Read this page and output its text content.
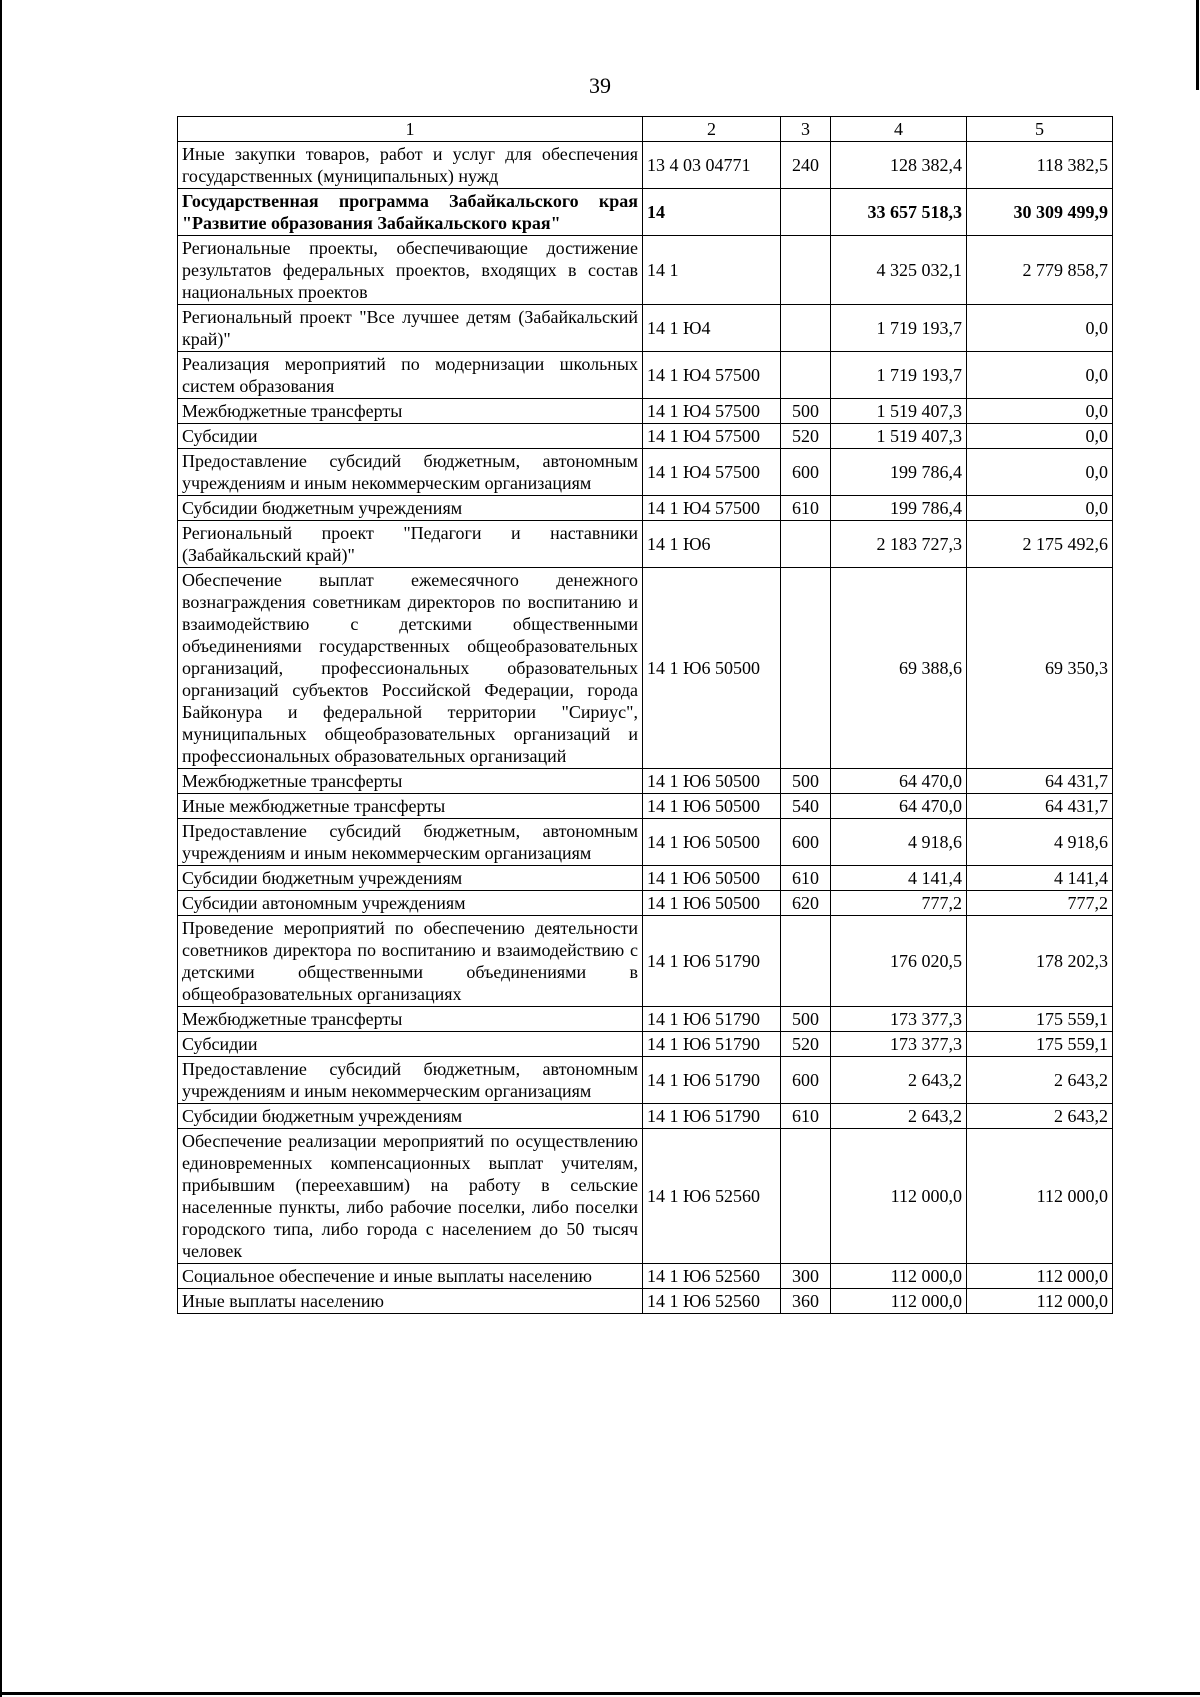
39
1	2	3	4	5
Иные закупки товаров, работ и услуг для обеспечения государственных (муниципальных) нужд	13 4 03 04771	240	128 382,4	118 382,5
Государственная программа Забайкальского края "Развитие образования Забайкальского края"	14		33 657 518,3	30 309 499,9
Региональные проекты, обеспечивающие достижение результатов федеральных проектов, входящих в состав национальных проектов	14 1		4 325 032,1	2 779 858,7
Региональный проект "Все лучшее детям (Забайкальский край)"	14 1 Ю4		1 719 193,7	0,0
Реализация мероприятий по модернизации школьных систем образования	14 1 Ю4 57500		1 719 193,7	0,0
Межбюджетные трансферты	14 1 Ю4 57500	500	1 519 407,3	0,0
Субсидии	14 1 Ю4 57500	520	1 519 407,3	0,0
Предоставление субсидий бюджетным, автономным учреждениям и иным некоммерческим организациям	14 1 Ю4 57500	600	199 786,4	0,0
Субсидии бюджетным учреждениям	14 1 Ю4 57500	610	199 786,4	0,0
Региональный проект "Педагоги и наставники (Забайкальский край)"	14 1 Ю6		2 183 727,3	2 175 492,6
Обеспечение выплат ежемесячного денежного вознаграждения советникам директоров по воспитанию и взаимодействию с детскими общественными объединениями государственных общеобразовательных организаций, профессиональных образовательных организаций субъектов Российской Федерации, города Байконура и федеральной территории "Сириус", муниципальных общеобразовательных организаций и профессиональных образовательных организаций	14 1 Ю6 50500		69 388,6	69 350,3
Межбюджетные трансферты	14 1 Ю6 50500	500	64 470,0	64 431,7
Иные межбюджетные трансферты	14 1 Ю6 50500	540	64 470,0	64 431,7
Предоставление субсидий бюджетным, автономным учреждениям и иным некоммерческим организациям	14 1 Ю6 50500	600	4 918,6	4 918,6
Субсидии бюджетным учреждениям	14 1 Ю6 50500	610	4 141,4	4 141,4
Субсидии автономным учреждениям	14 1 Ю6 50500	620	777,2	777,2
Проведение мероприятий по обеспечению деятельности советников директора по воспитанию и взаимодействию с детскими общественными объединениями в общеобразовательных организациях	14 1 Ю6 51790		176 020,5	178 202,3
Межбюджетные трансферты	14 1 Ю6 51790	500	173 377,3	175 559,1
Субсидии	14 1 Ю6 51790	520	173 377,3	175 559,1
Предоставление субсидий бюджетным, автономным учреждениям и иным некоммерческим организациям	14 1 Ю6 51790	600	2 643,2	2 643,2
Субсидии бюджетным учреждениям	14 1 Ю6 51790	610	2 643,2	2 643,2
Обеспечение реализации мероприятий по осуществлению единовременных компенсационных выплат учителям, прибывшим (переехавшим) на работу в сельские населенные пункты, либо рабочие поселки, либо поселки городского типа, либо города с населением до 50 тысяч человек	14 1 Ю6 52560		112 000,0	112 000,0
Социальное обеспечение и иные выплаты населению	14 1 Ю6 52560	300	112 000,0	112 000,0
Иные выплаты населению	14 1 Ю6 52560	360	112 000,0	112 000,0
